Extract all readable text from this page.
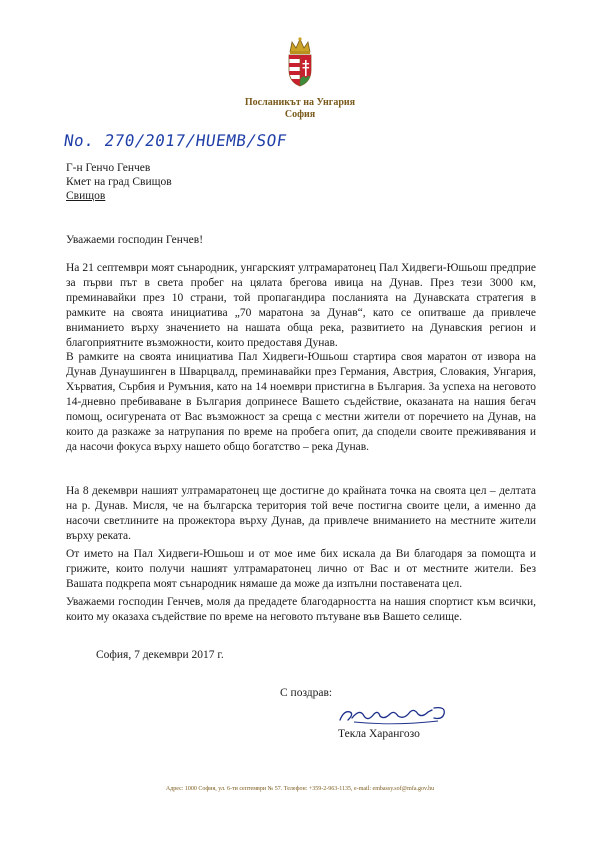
Посланикът на Унгария
София
No. 270/2017/HUEMB/SOF
Г-н Генчо Генчев
Кмет на град Свищов
Свищов
Уважаеми господин Генчев!
На 21 септември моят сънародник, унгарският ултрамаратонец Пал Хидвеги-Юшьош предприе за първи път в света пробег на цялата брегова ивица на Дунав. През тези 3000 км, преминавайки през 10 страни, той пропагандира посланията на Дунавската стратегия в рамките на своята инициатива „70 маратона за Дунав“, като се опитваше да привлече вниманието върху значението на нашата обща река, развитието на Дунавския регион и благоприятните възможности, които предоставя Дунав.
В рамките на своята инициатива Пал Хидвеги-Юшьош стартира своя маратон от извора на Дунав Дунаушинген в Шварцвалд, преминавайки през Германия, Австрия, Словакия, Унгария, Хърватия, Сърбия и Румъния, като на 14 ноември пристигна в България. За успеха на неговото 14-дневно пребиваване в България допринесе Вашето съдействие, оказаната на нашия бегач помощ, осигурената от Вас възможност за среща с местни жители от поречието на Дунав, на които да разкаже за натрупания по време на пробега опит, да сподели своите преживявания и да насочи фокуса върху нашето общо богатство – река Дунав.
На 8 декември нашият ултрамаратонец ще достигне до крайната точка на своята цел – делтата на р. Дунав. Мисля, че на българска територия той вече постигна своите цели, а именно да насочи светлините на прожектора върху Дунав, да привлече вниманието на местните жители върху реката.
От името на Пал Хидвеги-Юшьош и от мое име бих искала да Ви благодаря за помощта и грижите, които получи нашият ултрамаратонец лично от Вас и от местните жители. Без Вашата подкрепа моят сънародник нямаше да може да изпълни поставената цел.
Уважаеми господин Генчев, моля да предадете благодарността на нашия спортист към всички, които му оказаха съдействие по време на неговото пътуване във Вашето селище.
София, 7 декември 2017 г.
С поздрав:
Текла Харангозо
Адрес: 1000 София, ул. 6-ти септември № 57. Телефон: +359-2-963-1135, e-mail: embassy.sof@mfa.gov.hu
